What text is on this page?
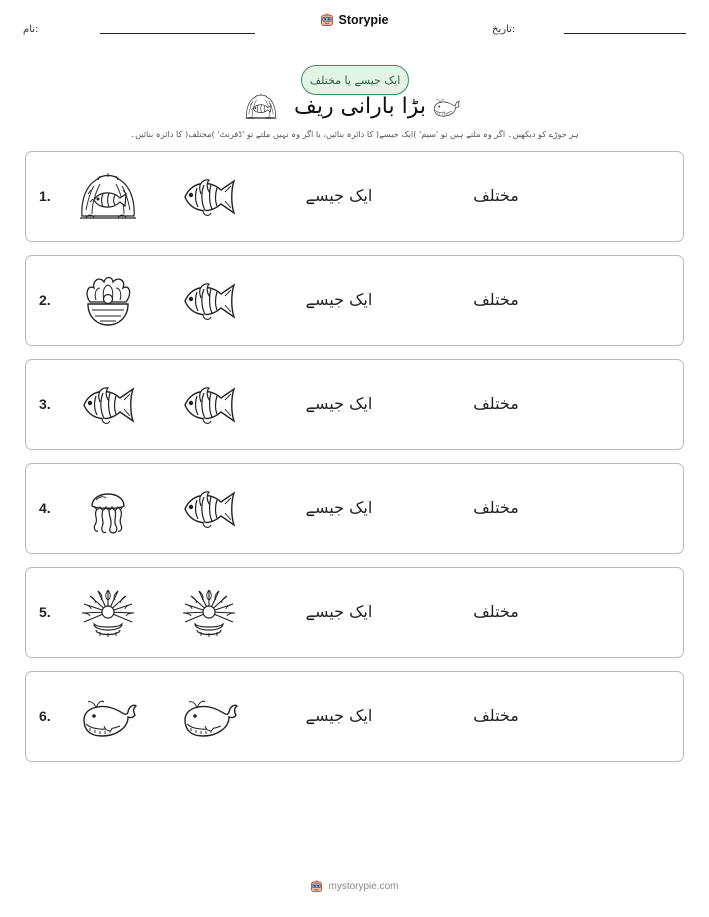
نام:
Storypie
تاریخ:
ایک جیسے یا مختلف
بڑا بارانی ریف
ہر جوڑے کو دیکھیں۔ اگر وہ ملتے ہیں تو 'سیم' )ایک جیسے( کا دائرہ بنائیں، یا اگر وہ نہیں ملتے تو 'ڈفرنٹ' )مختلف( کا دائرہ بنائیں۔
1.	ایک جیسے	مختلف
2.	ایک جیسے	مختلف
3.	ایک جیسے	مختلف
4.	ایک جیسے	مختلف
5.	ایک جیسے	مختلف
6.	ایک جیسے	مختلف
mystorypie.com
